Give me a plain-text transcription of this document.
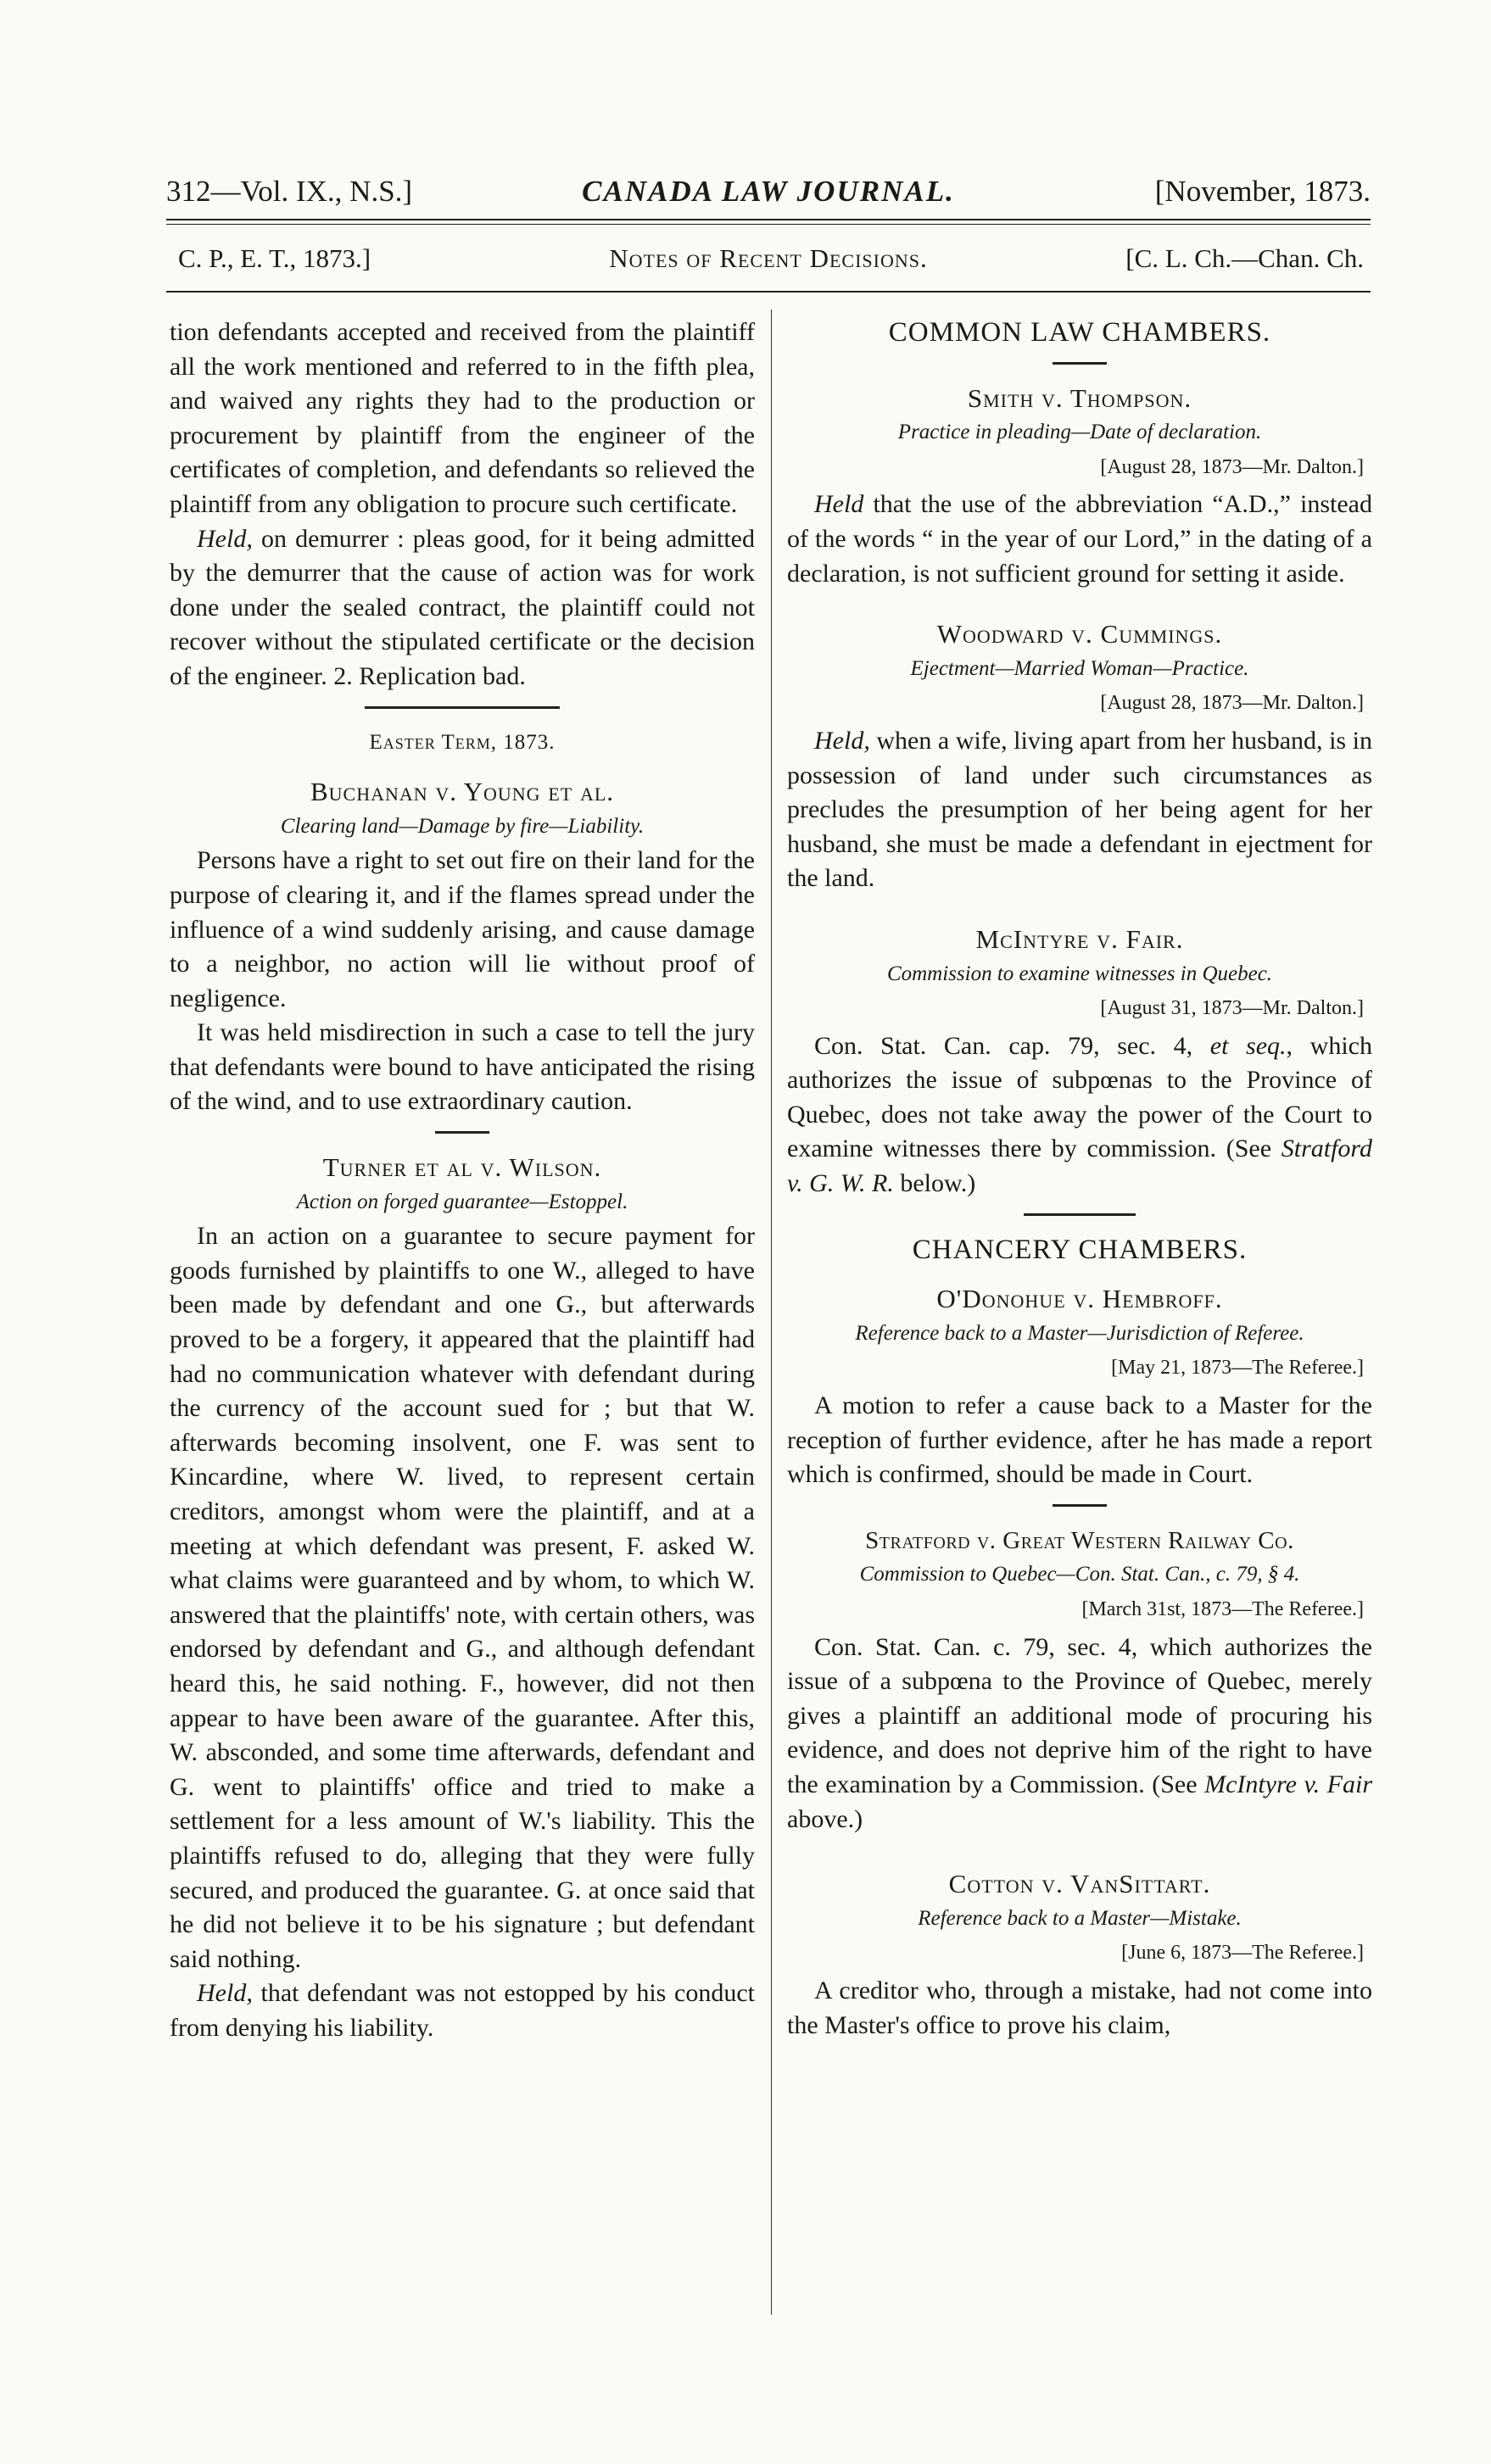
312—Vol. IX., N.S.]	CANADA LAW JOURNAL.	[November, 1873.
C. P., E. T., 1873.]	Notes of Recent Decisions.	[C. L. Ch.—Chan. Ch.

tion defendants accepted and received from the plaintiff all the work mentioned and referred to in the fifth plea, and waived any rights they had to the production or procurement by plaintiff from the engineer of the certificates of completion, and defendants so relieved the plaintiff from any obligation to procure such certificate.

Held, on demurrer : pleas good, for it being admitted by the demurrer that the cause of action was for work done under the sealed contract, the plaintiff could not recover without the stipulated certificate or the decision of the engineer. 2. Replication bad.

Easter Term, 1873.

Buchanan v. Young et al.

Clearing land—Damage by fire—Liability.

Persons have a right to set out fire on their land for the purpose of clearing it, and if the flames spread under the influence of a wind suddenly arising, and cause damage to a neighbor, no action will lie without proof of negligence.

It was held misdirection in such a case to tell the jury that defendants were bound to have anticipated the rising of the wind, and to use extraordinary caution.

Turner et al v. Wilson.

Action on forged guarantee—Estoppel.

In an action on a guarantee to secure payment for goods furnished by plaintiffs to one W., alleged to have been made by defendant and one G., but afterwards proved to be a forgery, it appeared that the plaintiff had had no communication whatever with defendant during the currency of the account sued for ; but that W. afterwards becoming insolvent, one F. was sent to Kincardine, where W. lived, to represent certain creditors, amongst whom were the plaintiff, and at a meeting at which defendant was present, F. asked W. what claims were guaranteed and by whom, to which W. answered that the plaintiffs' note, with certain others, was endorsed by defendant and G., and although defendant heard this, he said nothing. F., however, did not then appear to have been aware of the guarantee. After this, W. absconded, and some time afterwards, defendant and G. went to plaintiffs' office and tried to make a settlement for a less amount of W.'s liability. This the plaintiffs refused to do, alleging that they were fully secured, and produced the guarantee. G. at once said that he did not believe it to be his signature ; but defendant said nothing.

Held, that defendant was not estopped by his conduct from denying his liability.

COMMON LAW CHAMBERS.

Smith v. Thompson.

Practice in pleading—Date of declaration.

[August 28, 1873—Mr. Dalton.]

Held that the use of the abbreviation “A.D.,” instead of the words “ in the year of our Lord,” in the dating of a declaration, is not sufficient ground for setting it aside.

Woodward v. Cummings.

Ejectment—Married Woman—Practice.

[August 28, 1873—Mr. Dalton.]

Held, when a wife, living apart from her husband, is in possession of land under such circumstances as precludes the presumption of her being agent for her husband, she must be made a defendant in ejectment for the land.

McIntyre v. Fair.

Commission to examine witnesses in Quebec.

[August 31, 1873—Mr. Dalton.]

Con. Stat. Can. cap. 79, sec. 4, et seq., which authorizes the issue of subpœnas to the Province of Quebec, does not take away the power of the Court to examine witnesses there by commission. (See Stratford v. G. W. R. below.)

CHANCERY CHAMBERS.

O'Donohue v. Hembroff.

Reference back to a Master—Jurisdiction of Referee.

[May 21, 1873—The Referee.]

A motion to refer a cause back to a Master for the reception of further evidence, after he has made a report which is confirmed, should be made in Court.

Stratford v. Great Western Railway Co.

Commission to Quebec—Con. Stat. Can., c. 79, § 4.

[March 31st, 1873—The Referee.]

Con. Stat. Can. c. 79, sec. 4, which authorizes the issue of a subpœna to the Province of Quebec, merely gives a plaintiff an additional mode of procuring his evidence, and does not deprive him of the right to have the examination by a Commission. (See McIntyre v. Fair above.)

Cotton v. VanSittart.

Reference back to a Master—Mistake.

[June 6, 1873—The Referee.]

A creditor who, through a mistake, had not come into the Master's office to prove his claim,
